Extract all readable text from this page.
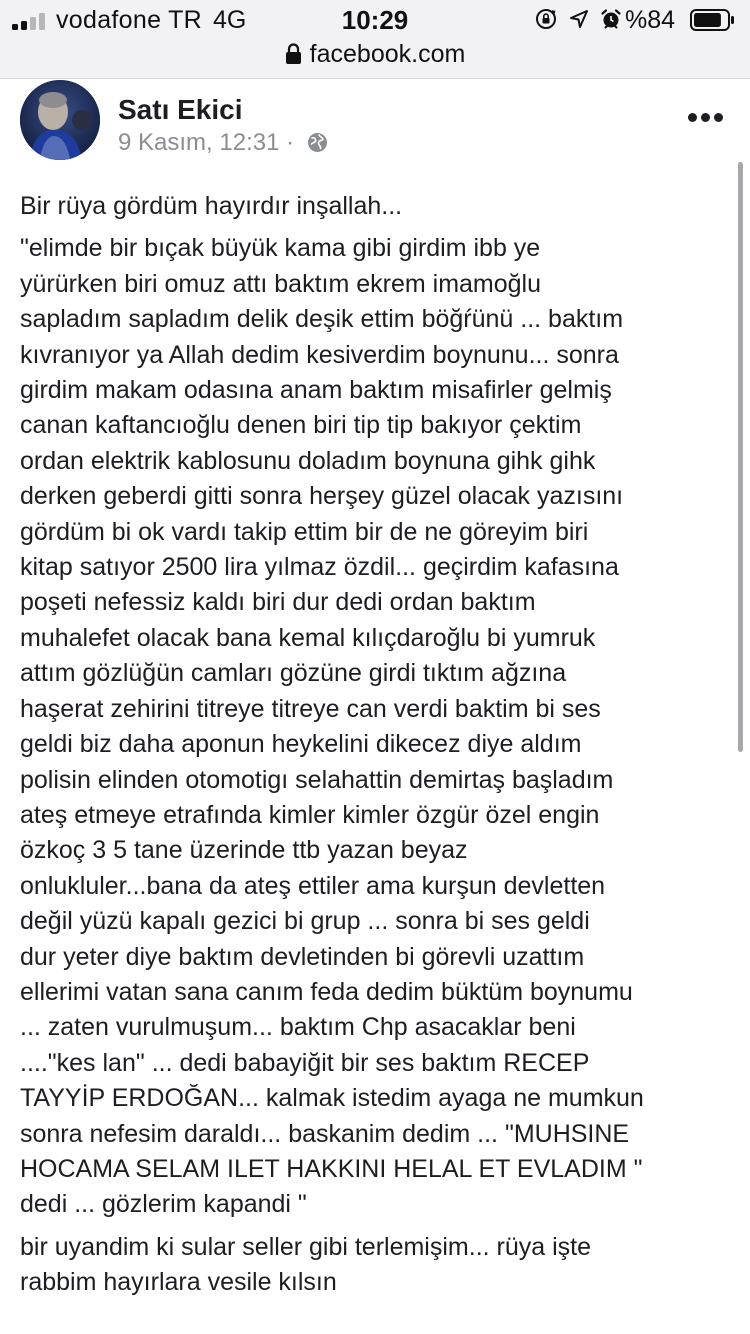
vodafone TR 4G	10:29
	%84
facebook.com
Satı Ekici
9 Kasım, 12:31 ·
Bir rüya gördüm hayırdır inşallah...
"elimde bir bıçak büyük kama gibi girdim ibb ye
yürürken biri omuz attı baktım ekrem imamoğlu
sapladım sapladım delik deşik ettim böğŕünü ... baktım
kıvranıyor ya Allah dedim kesiverdim boynunu... sonra
girdim makam odasına anam baktım misafirler gelmiş
canan kaftancıoğlu denen biri tip tip bakıyor çektim
ordan elektrik kablosunu doladım boynuna gihk gihk
derken geberdi gitti sonra herşey güzel olacak yazısını
gördüm bi ok vardı takip ettim bir de ne göreyim biri
kitap satıyor 2500 lira yılmaz özdil... geçirdim kafasına
poşeti nefessiz kaldı biri dur dedi ordan baktım
muhalefet olacak bana kemal kılıçdaroğlu bi yumruk
attım gözlüğün camları gözüne girdi tıktım ağzına
haşerat zehirini titreye titreye can verdi baktim bi ses
geldi biz daha aponun heykelini dikecez diye aldım
polisin elinden otomotigı selahattin demirtaş başladım
ateş etmeye etrafında kimler kimler özgür özel engin
özkoç 3 5 tane üzerinde ttb yazan beyaz
onlukluler...bana da ateş ettiler ama kurşun devletten
değil yüzü kapalı gezici bi grup ... sonra bi ses geldi
dur yeter diye baktım devletinden bi görevli uzattım
ellerimi vatan sana canım feda dedim büktüm boynumu
... zaten vurulmuşum... baktım Chp asacaklar beni
...."kes lan" ... dedi babayiğit bir ses baktım RECEP
TAYYİP ERDOĞAN... kalmak istedim ayaga ne mumkun
sonra nefesim daraldı... baskanim dedim ... "MUHSINE
HOCAMA SELAM ILET HAKKINI HELAL ET EVLADIM "
dedi ... gözlerim kapandi "
bir uyandim ki sular seller gibi terlemişim... rüya işte
rabbim hayırlara vesile kılsın
